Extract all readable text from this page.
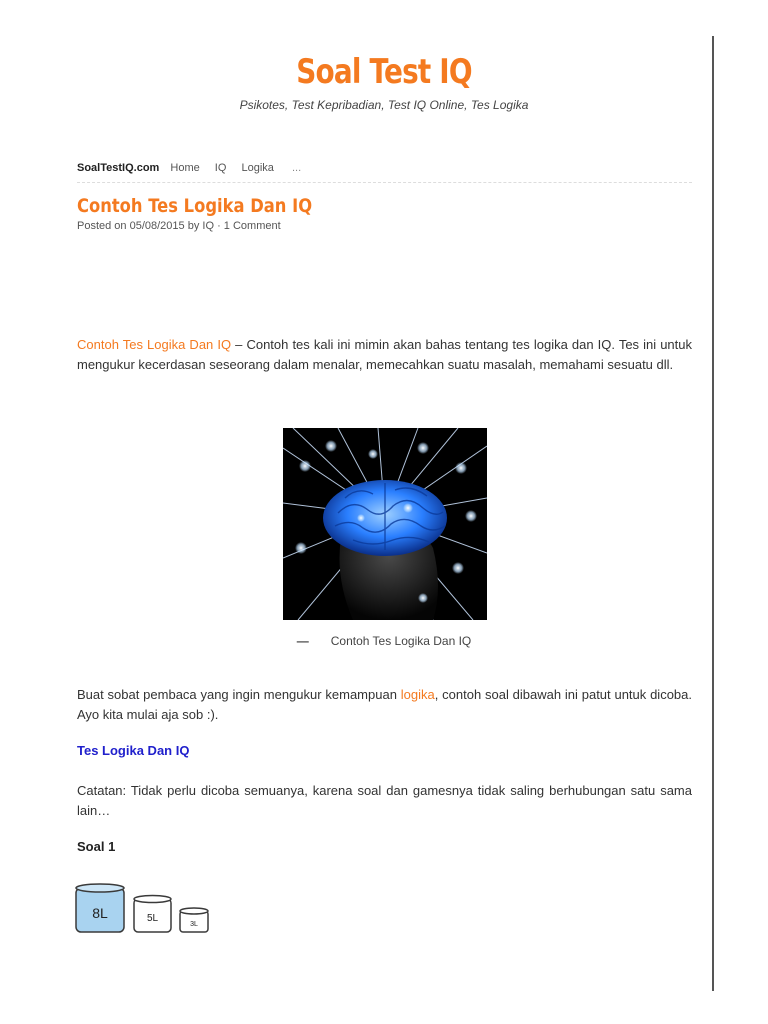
Soal Test IQ
Psikotes, Test Kepribadian, Test IQ Online, Tes Logika
SoalTestIQ.com Home IQ Logika ...
Contoh Tes Logika Dan IQ
Posted on 05/08/2015 by IQ · 1 Comment
Contoh Tes Logika Dan IQ – Contoh tes kali ini mimin akan bahas tentang tes logika dan IQ. Tes ini untuk mengukur kecerdasan seseorang dalam menalar, memecahkan suatu masalah, memahami sesuatu dll.
— Contoh Tes Logika Dan IQ
Buat sobat pembaca yang ingin mengukur kemampuan logika, contoh soal dibawah ini patut untuk dicoba. Ayo kita mulai aja sob :).
Tes Logika Dan IQ
Catatan: Tidak perlu dicoba semuanya, karena soal dan gamesnya tidak saling berhubungan satu sama lain…
Soal 1
8L	5L
3L
